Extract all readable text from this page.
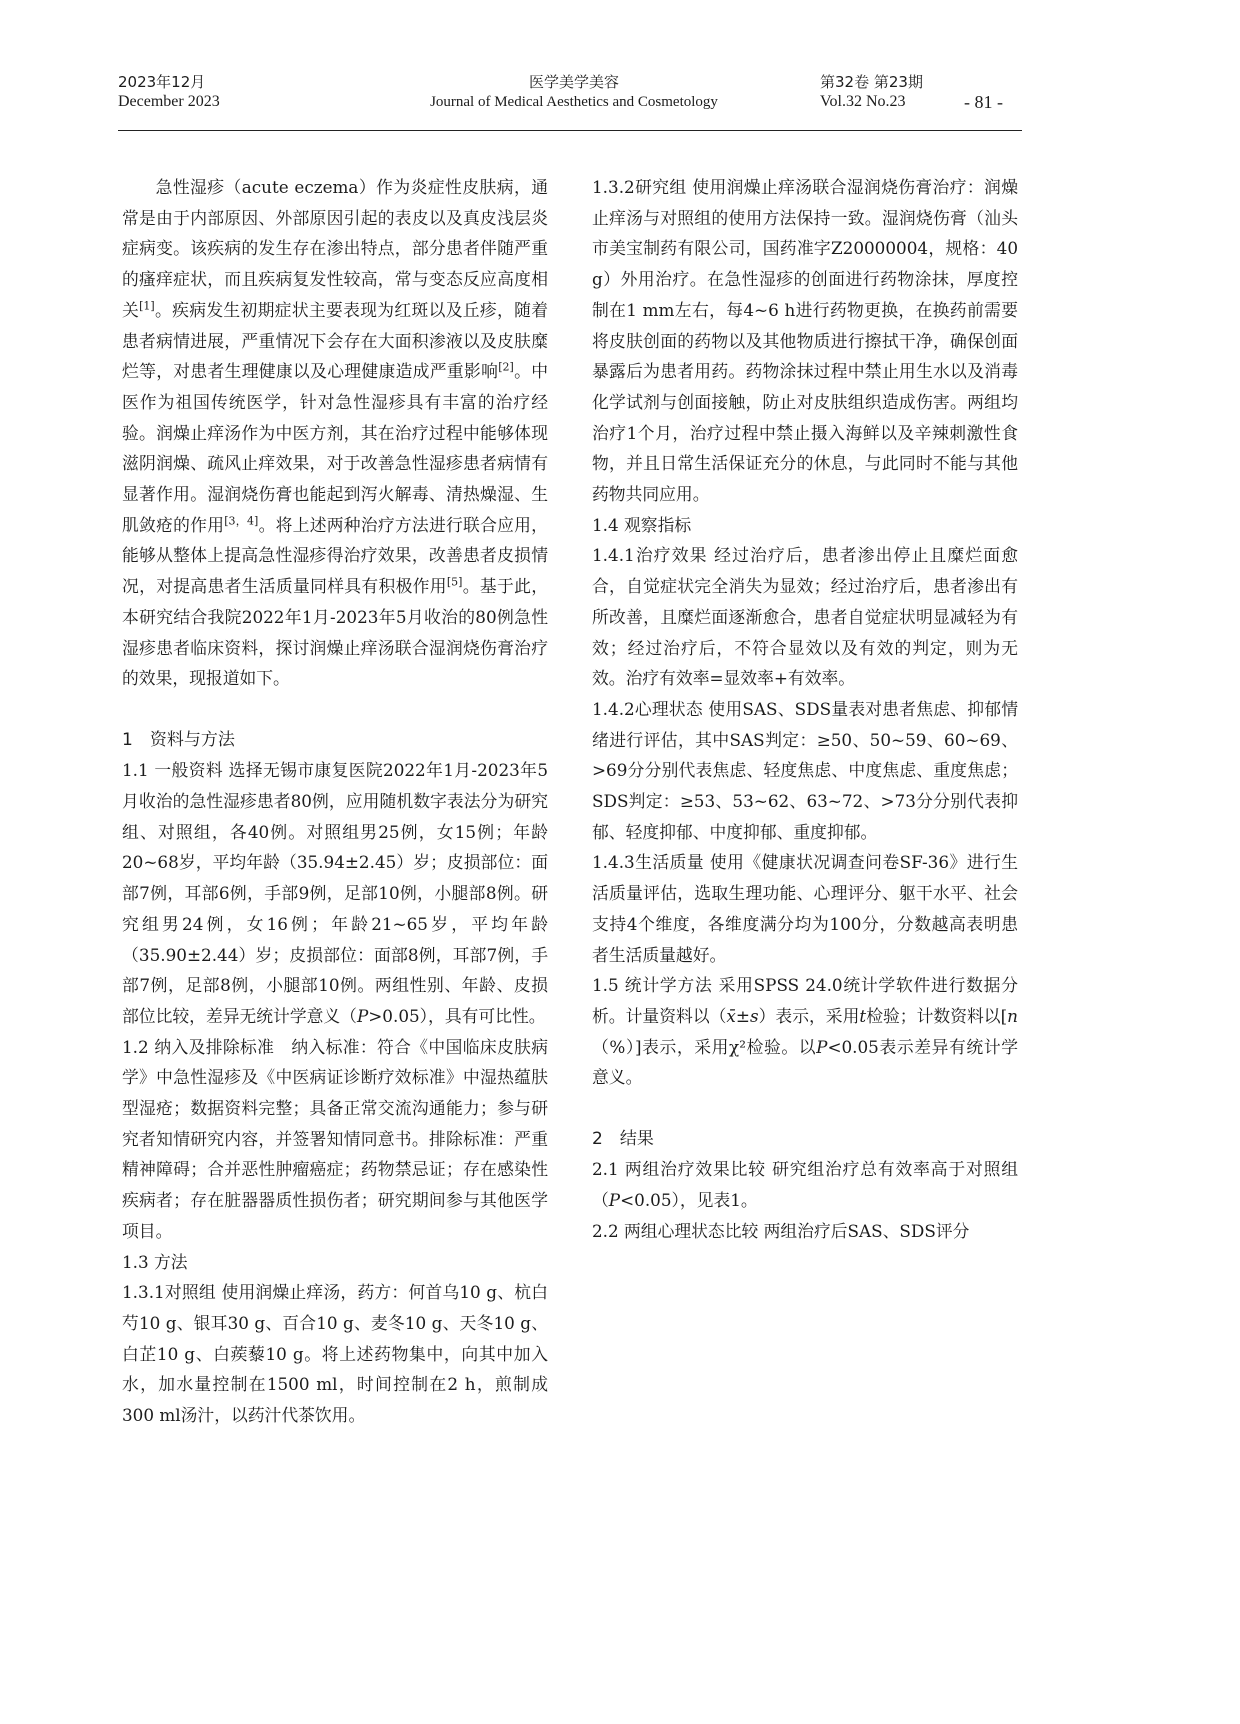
2023年12月
December 2023
医学美学美容
Journal of Medical Aesthetics and Cosmetology
第32卷 第23期
Vol.32 No.23	- 81 -

急性湿疹（acute eczema）作为炎症性皮肤病，通常是由于内部原因、外部原因引起的表皮以及真皮浅层炎症病变。该疾病的发生存在渗出特点，部分患者伴随严重的瘙痒症状，而且疾病复发性较高，常与变态反应高度相关[1]。疾病发生初期症状主要表现为红斑以及丘疹，随着患者病情进展，严重情况下会存在大面积渗液以及皮肤糜烂等，对患者生理健康以及心理健康造成严重影响[2]。中医作为祖国传统医学，针对急性湿疹具有丰富的治疗经验。润燥止痒汤作为中医方剂，其在治疗过程中能够体现滋阴润燥、疏风止痒效果，对于改善急性湿疹患者病情有显著作用。湿润烧伤膏也能起到泻火解毒、清热燥湿、生肌敛疮的作用[3，4]。将上述两种治疗方法进行联合应用，能够从整体上提高急性湿疹得治疗效果，改善患者皮损情况，对提高患者生活质量同样具有积极作用[5]。基于此，本研究结合我院2022年1月-2023年5月收治的80例急性湿疹患者临床资料，探讨润燥止痒汤联合湿润烧伤膏治疗的效果，现报道如下。

1　资料与方法

1.1 一般资料 选择无锡市康复医院2022年1月-2023年5月收治的急性湿疹患者80例，应用随机数字表法分为研究组、对照组，各40例。对照组男25例，女15例；年龄20~68岁，平均年龄（35.94±2.45）岁；皮损部位：面部7例，耳部6例，手部9例，足部10例，小腿部8例。研究组男24例，女16例；年龄21~65岁，平均年龄（35.90±2.44）岁；皮损部位：面部8例，耳部7例，手部7例，足部8例，小腿部10例。两组性别、年龄、皮损部位比较，差异无统计学意义（P>0.05），具有可比性。

1.2 纳入及排除标准　纳入标准：符合《中国临床皮肤病学》中急性湿疹及《中医病证诊断疗效标准》中湿热蕴肤型湿疮；数据资料完整；具备正常交流沟通能力；参与研究者知情研究内容，并签署知情同意书。排除标准：严重精神障碍；合并恶性肿瘤癌症；药物禁忌证；存在感染性疾病者；存在脏器器质性损伤者；研究期间参与其他医学项目。

1.3 方法

1.3.1对照组 使用润燥止痒汤，药方：何首乌10 g、杭白芍10 g、银耳30 g、百合10 g、麦冬10 g、天冬10 g、白芷10 g、白蒺藜10 g。将上述药物集中，向其中加入水，加水量控制在1500 ml，时间控制在2 h，煎制成300 ml汤汁，以药汁代茶饮用。

1.3.2研究组 使用润燥止痒汤联合湿润烧伤膏治疗：润燥止痒汤与对照组的使用方法保持一致。湿润烧伤膏（汕头市美宝制药有限公司，国药准字Z20000004，规格：40 g）外用治疗。在急性湿疹的创面进行药物涂抹，厚度控制在1 mm左右，每4~6 h进行药物更换，在换药前需要将皮肤创面的药物以及其他物质进行擦拭干净，确保创面暴露后为患者用药。药物涂抹过程中禁止用生水以及消毒化学试剂与创面接触，防止对皮肤组织造成伤害。两组均治疗1个月，治疗过程中禁止摄入海鲜以及辛辣刺激性食物，并且日常生活保证充分的休息，与此同时不能与其他药物共同应用。

1.4 观察指标

1.4.1治疗效果 经过治疗后，患者渗出停止且糜烂面愈合，自觉症状完全消失为显效；经过治疗后，患者渗出有所改善，且糜烂面逐渐愈合，患者自觉症状明显减轻为有效；经过治疗后，不符合显效以及有效的判定，则为无效。治疗有效率=显效率+有效率。

1.4.2心理状态 使用SAS、SDS量表对患者焦虑、抑郁情绪进行评估，其中SAS判定：≥50、50~59、60~69、>69分分别代表焦虑、轻度焦虑、中度焦虑、重度焦虑；SDS判定：≥53、53~62、63~72、>73分分别代表抑郁、轻度抑郁、中度抑郁、重度抑郁。

1.4.3生活质量 使用《健康状况调查问卷SF-36》进行生活质量评估，选取生理功能、心理评分、躯干水平、社会支持4个维度，各维度满分均为100分，分数越高表明患者生活质量越好。

1.5 统计学方法 采用SPSS 24.0统计学软件进行数据分析。计量资料以（x̄±s）表示，采用t检验；计数资料以[n（%）]表示，采用χ²检验。以P<0.05表示差异有统计学意义。

2　结果

2.1 两组治疗效果比较 研究组治疗总有效率高于对照组（P<0.05），见表1。

2.2 两组心理状态比较 两组治疗后SAS、SDS评分
